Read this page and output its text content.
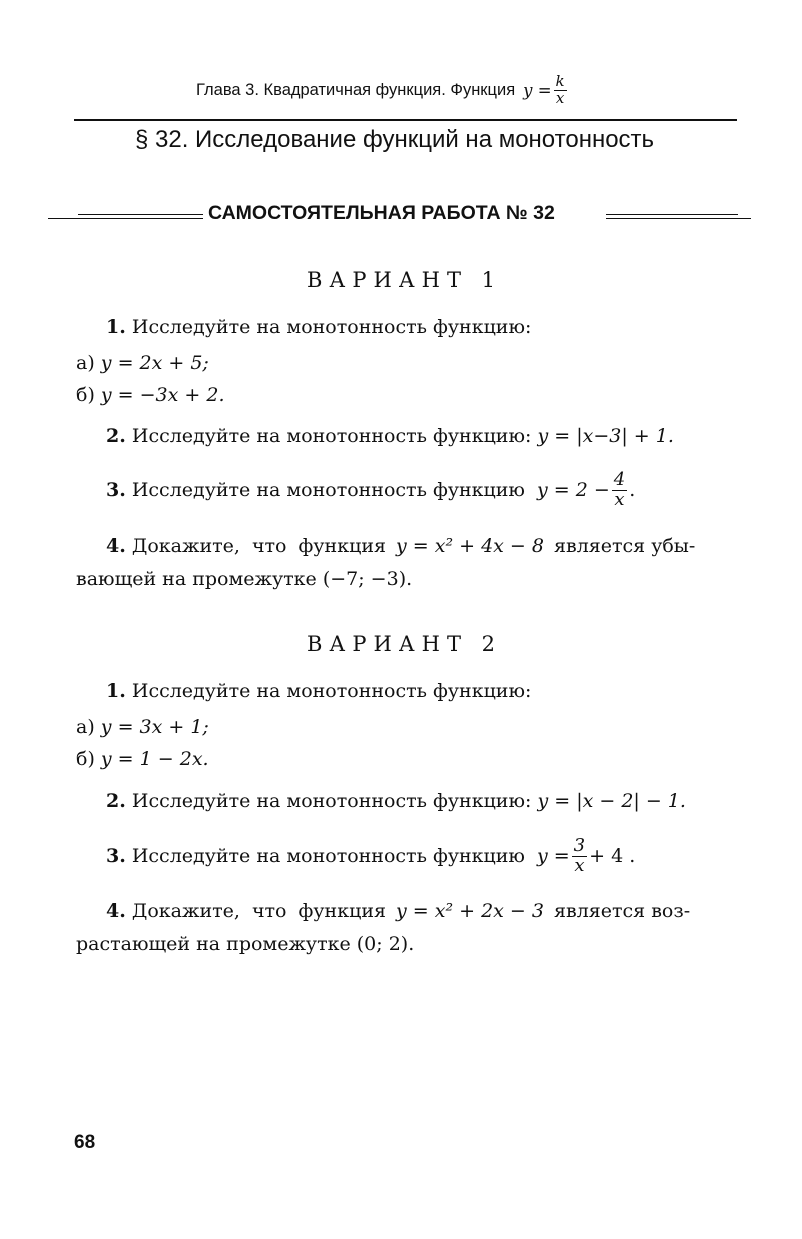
Глава 3. Квадратичная функция. Функция $y = \frac{k}{x}$
§ 32. Исследование функций на монотонность
САМОСТОЯТЕЛЬНАЯ РАБОТА № 32
ВАРИАНТ 1
1. Исследуйте на монотонность функцию:
а) y = 2x + 5;
б) y = −3x + 2.
2. Исследуйте на монотонность функцию: y = |x−3| + 1.
3. Исследуйте на монотонность функцию $y = 2 - \frac{4}{x}$ .
4. Докажите, что функция y = x² + 4x − 8 является убы-
вающей на промежутке (−7; −3).
ВАРИАНТ 2
1. Исследуйте на монотонность функцию:
а) y = 3x + 1;
б) y = 1 − 2x.
2. Исследуйте на монотонность функцию: y = |x − 2| − 1.
3. Исследуйте на монотонность функцию $y = \frac{3}{x} + 4$ .
4. Докажите, что функция y = x² + 2x − 3 является воз-
растающей на промежутке (0; 2).
68
